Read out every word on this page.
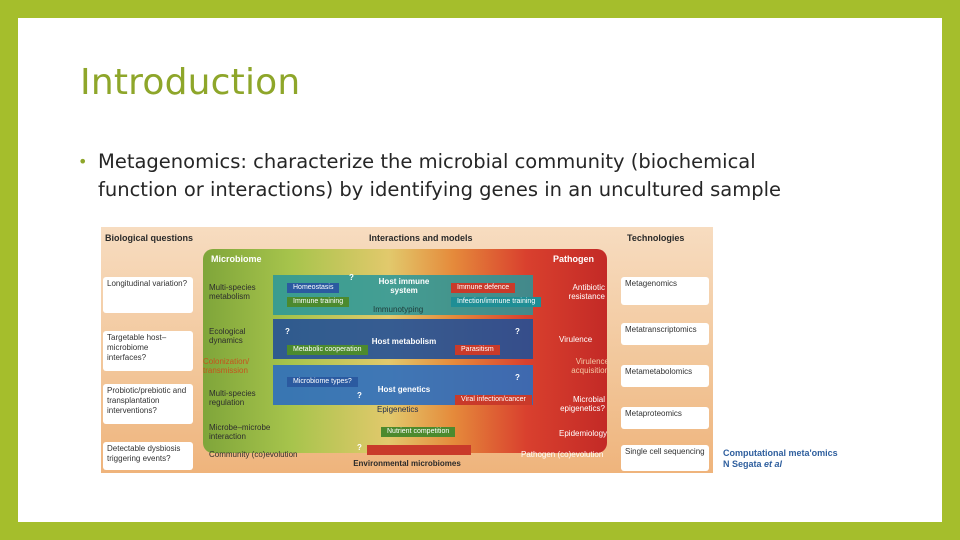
Introduction
• Metagenomics: characterize the microbial community (biochemical function or interactions) by identifying genes in an uncultured sample
Biological questions	Interactions and models	Technologies
Longitudinal variation?
Targetable host–microbiome interfaces?
Probiotic/prebiotic and transplantation interventions?
Detectable dysbiosis triggering events?
Metagenomics
Metatranscriptomics
Metametabolomics
Metaproteomics
Single cell sequencing
Microbiome
Multi-species metabolism
Ecological dynamics
Colonization/ transmission
Multi-species regulation
Microbe–microbe interaction
Community (co)evolution
Pathogen
Antibiotic resistance
Virulence
Virulence acquisition
Microbial epigenetics?
Epidemiology
Pathogen (co)evolution
Host immune system
Immunotyping
Host metabolism
Host genetics
Epigenetics
Homeostasis
Immune training
Immune defence
Infection/immune training
Metabolic cooperation	Parasitism
Microbiome types?
Viral infection/cancer
Nutrient competition
?
?	?
?
?
?
Environmental microbiomes
Computational meta'omics
N Segata et al
